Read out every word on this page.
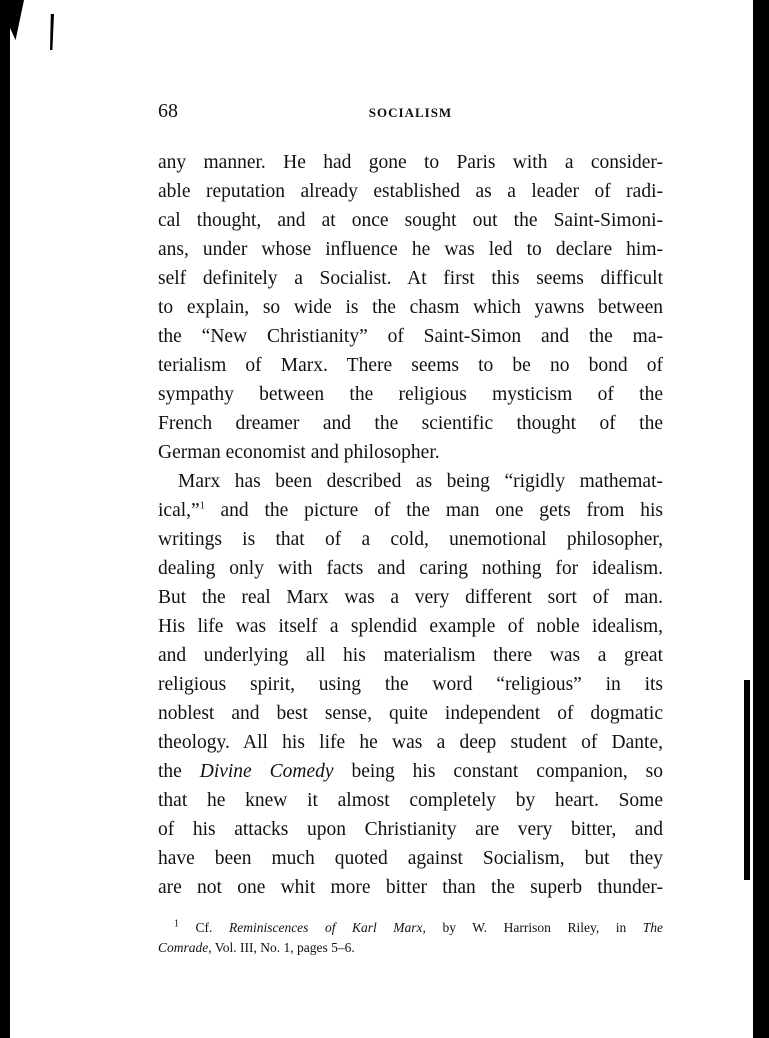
68	SOCIALISM
any manner. He had gone to Paris with a consider-
able reputation already established as a leader of radi-
cal thought, and at once sought out the Saint-Simoni-
ans, under whose influence he was led to declare him-
self definitely a Socialist. At first this seems difficult
to explain, so wide is the chasm which yawns between
the “New Christianity” of Saint-Simon and the ma-
terialism of Marx. There seems to be no bond of
sympathy between the religious mysticism of the
French dreamer and the scientific thought of the
German economist and philosopher.
Marx has been described as being “rigidly mathemat-
ical,”$^1$ and the picture of the man one gets from his
writings is that of a cold, unemotional philosopher,
dealing only with facts and caring nothing for idealism.
But the real Marx was a very different sort of man.
His life was itself a splendid example of noble idealism,
and underlying all his materialism there was a great
religious spirit, using the word “religious” in its
noblest and best sense, quite independent of dogmatic
theology. All his life he was a deep student of Dante,
the Divine Comedy being his constant companion, so
that he knew it almost completely by heart. Some
of his attacks upon Christianity are very bitter, and
have been much quoted against Socialism, but they
are not one whit more bitter than the superb thunder-
$^1$ Cf. Reminiscences of Karl Marx, by W. Harrison Riley, in The
Comrade, Vol. III, No. 1, pages 5–6.
